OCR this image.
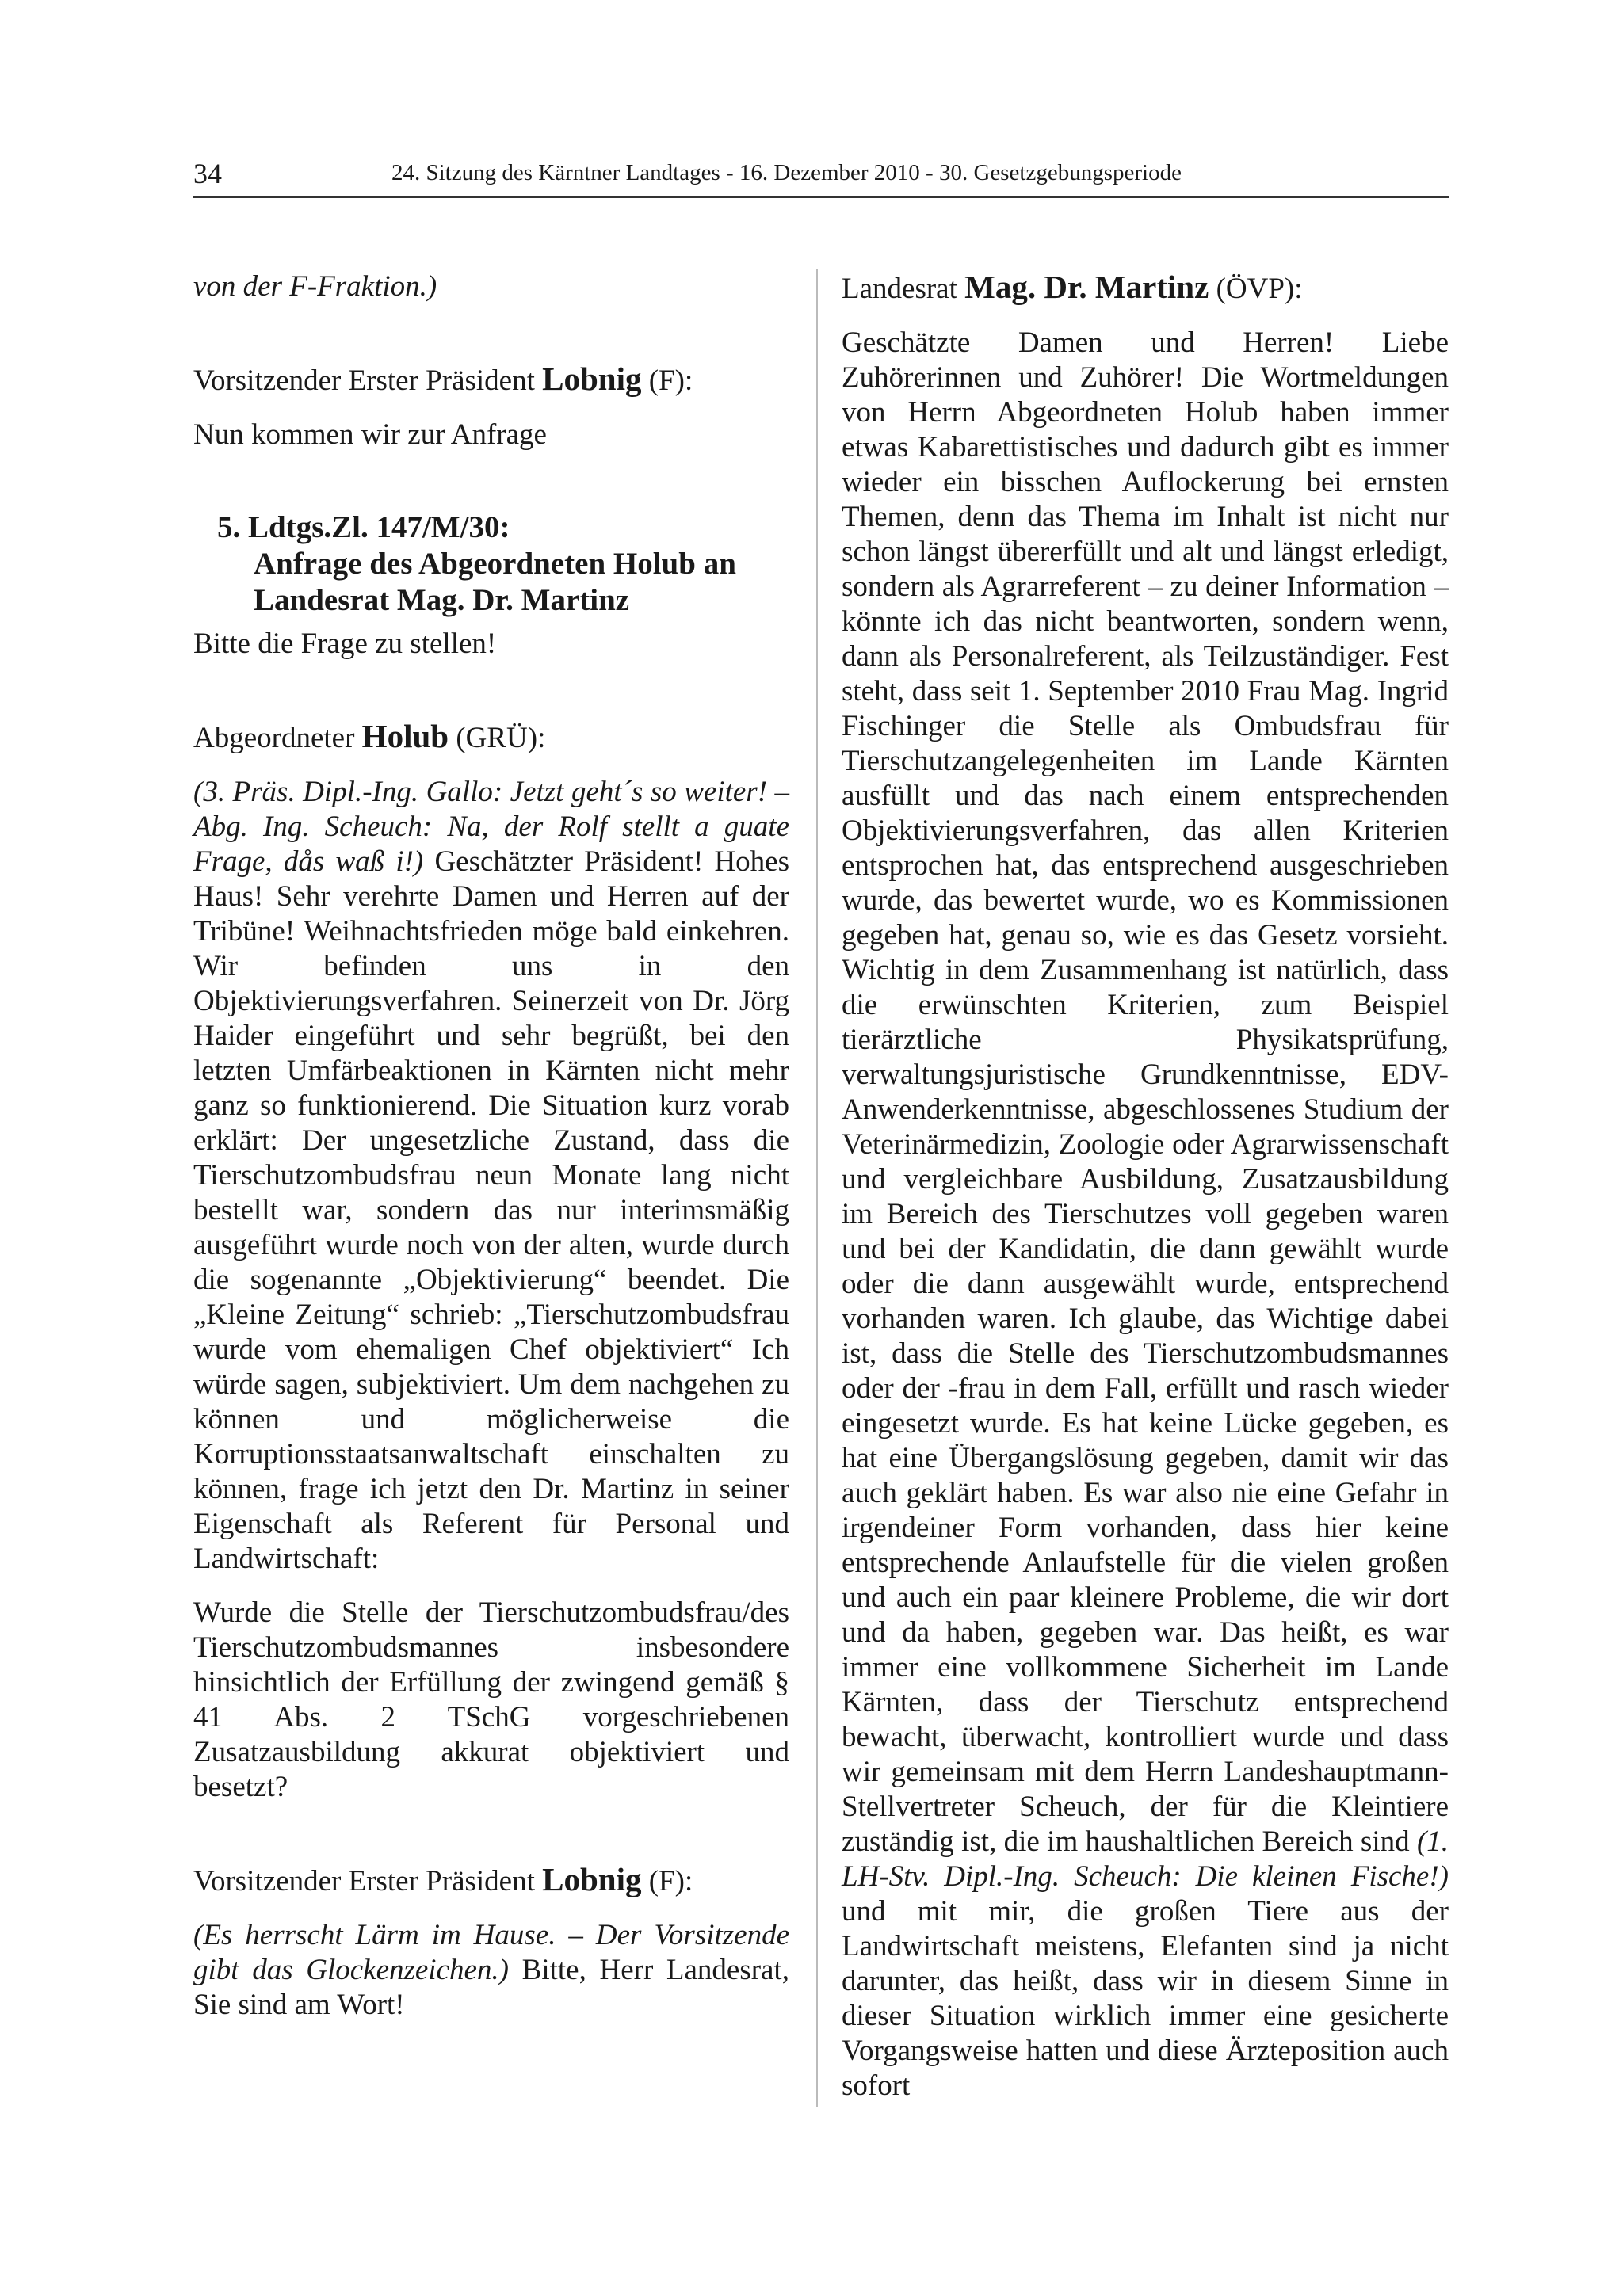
34	24. Sitzung des Kärntner Landtages - 16. Dezember 2010 - 30. Gesetzgebungsperiode

von der F-Fraktion.)

Vorsitzender Erster Präsident Lobnig (F):

Nun kommen wir zur Anfrage

5. Ldtgs.Zl. 147/M/30:
Anfrage des Abgeordneten Holub an
Landesrat Mag. Dr. Martinz

Bitte die Frage zu stellen!

Abgeordneter Holub (GRÜ):

(3. Präs. Dipl.-Ing. Gallo: Jetzt geht´s so weiter! – Abg. Ing. Scheuch: Na, der Rolf stellt a guate Frage, dås waß i!) Geschätzter Präsident! Hohes Haus! Sehr verehrte Damen und Herren auf der Tribüne! Weihnachtsfrieden möge bald einkehren. Wir befinden uns in den Objektivierungsverfahren. Seinerzeit von Dr. Jörg Haider eingeführt und sehr begrüßt, bei den letzten Umfärbeaktionen in Kärnten nicht mehr ganz so funktionierend. Die Situation kurz vorab erklärt: Der ungesetzliche Zustand, dass die Tierschutzombudsfrau neun Monate lang nicht bestellt war, sondern das nur interimsmäßig ausgeführt wurde noch von der alten, wurde durch die sogenannte „Objektivierung“ beendet. Die „Kleine Zeitung“ schrieb: „Tierschutzombudsfrau wurde vom ehemaligen Chef objektiviert“ Ich würde sagen, subjektiviert. Um dem nachgehen zu können und möglicherweise die Korruptionsstaatsanwaltschaft einschalten zu können, frage ich jetzt den Dr. Martinz in seiner Eigenschaft als Referent für Personal und Landwirtschaft:

Wurde die Stelle der Tierschutzombudsfrau/des Tierschutzombudsmannes insbesondere hinsichtlich der Erfüllung der zwingend gemäß § 41 Abs. 2 TSchG vorgeschriebenen Zusatzausbildung akkurat objektiviert und besetzt?

Vorsitzender Erster Präsident Lobnig (F):

(Es herrscht Lärm im Hause. – Der Vorsitzende gibt das Glockenzeichen.) Bitte, Herr Landesrat, Sie sind am Wort!

Landesrat Mag. Dr. Martinz (ÖVP):

Geschätzte Damen und Herren! Liebe Zuhörerinnen und Zuhörer! Die Wortmeldungen von Herrn Abgeordneten Holub haben immer etwas Kabarettistisches und dadurch gibt es immer wieder ein bisschen Auflockerung bei ernsten Themen, denn das Thema im Inhalt ist nicht nur schon längst übererfüllt und alt und längst erledigt, sondern als Agrarreferent – zu deiner Information – könnte ich das nicht beantworten, sondern wenn, dann als Personalreferent, als Teilzuständiger. Fest steht, dass seit 1. September 2010 Frau Mag. Ingrid Fischinger die Stelle als Ombudsfrau für Tierschutzangelegenheiten im Lande Kärnten ausfüllt und das nach einem entsprechenden Objektivierungsverfahren, das allen Kriterien entsprochen hat, das entsprechend ausgeschrieben wurde, das bewertet wurde, wo es Kommissionen gegeben hat, genau so, wie es das Gesetz vorsieht. Wichtig in dem Zusammenhang ist natürlich, dass die erwünschten Kriterien, zum Beispiel tierärztliche Physikatsprüfung, verwaltungsjuristische Grundkenntnisse, EDV-Anwenderkenntnisse, abgeschlossenes Studium der Veterinärmedizin, Zoologie oder Agrarwissenschaft und vergleichbare Ausbildung, Zusatzausbildung im Bereich des Tierschutzes voll gegeben waren und bei der Kandidatin, die dann gewählt wurde oder die dann ausgewählt wurde, entsprechend vorhanden waren. Ich glaube, das Wichtige dabei ist, dass die Stelle des Tierschutzombudsmannes oder der -frau in dem Fall, erfüllt und rasch wieder eingesetzt wurde. Es hat keine Lücke gegeben, es hat eine Übergangslösung gegeben, damit wir das auch geklärt haben. Es war also nie eine Gefahr in irgendeiner Form vorhanden, dass hier keine entsprechende Anlaufstelle für die vielen großen und auch ein paar kleinere Probleme, die wir dort und da haben, gegeben war. Das heißt, es war immer eine vollkommene Sicherheit im Lande Kärnten, dass der Tierschutz entsprechend bewacht, überwacht, kontrolliert wurde und dass wir gemeinsam mit dem Herrn Landeshauptmann-Stellvertreter Scheuch, der für die Kleintiere zuständig ist, die im haushaltlichen Bereich sind (1. LH-Stv. Dipl.-Ing. Scheuch: Die kleinen Fische!) und mit mir, die großen Tiere aus der Landwirtschaft meistens, Elefanten sind ja nicht darunter, das heißt, dass wir in diesem Sinne in dieser Situation wirklich immer eine gesicherte Vorgangsweise hatten und diese Ärzteposition auch sofort
